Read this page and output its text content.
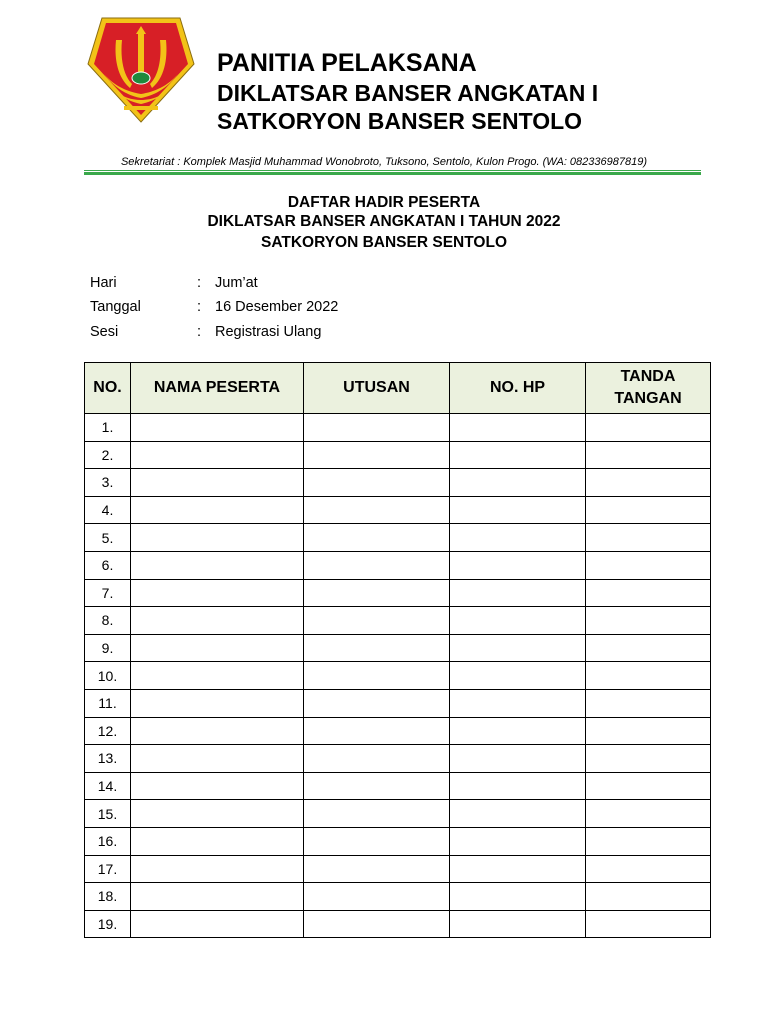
PANITIA PELAKSANA
DIKLATSAR BANSER ANGKATAN I
SATKORYON BANSER SENTOLO
Sekretariat : Komplek Masjid Muhammad Wonobroto, Tuksono, Sentolo, Kulon Progo. (WA: 082336987819)
DAFTAR HADIR PESERTA
DIKLATSAR BANSER ANGKATAN I TAHUN 2022
SATKORYON BANSER SENTOLO
Hari	: Jum’at
Tanggal	: 16 Desember 2022
Sesi	: Registrasi Ulang
NO.	NAMA PESERTA	UTUSAN	NO. HP	TANDA TANGAN
1.				
2.				
3.				
4.				
5.				
6.				
7.				
8.				
9.				
10.				
11.				
12.				
13.				
14.				
15.				
16.				
17.				
18.				
19.				
